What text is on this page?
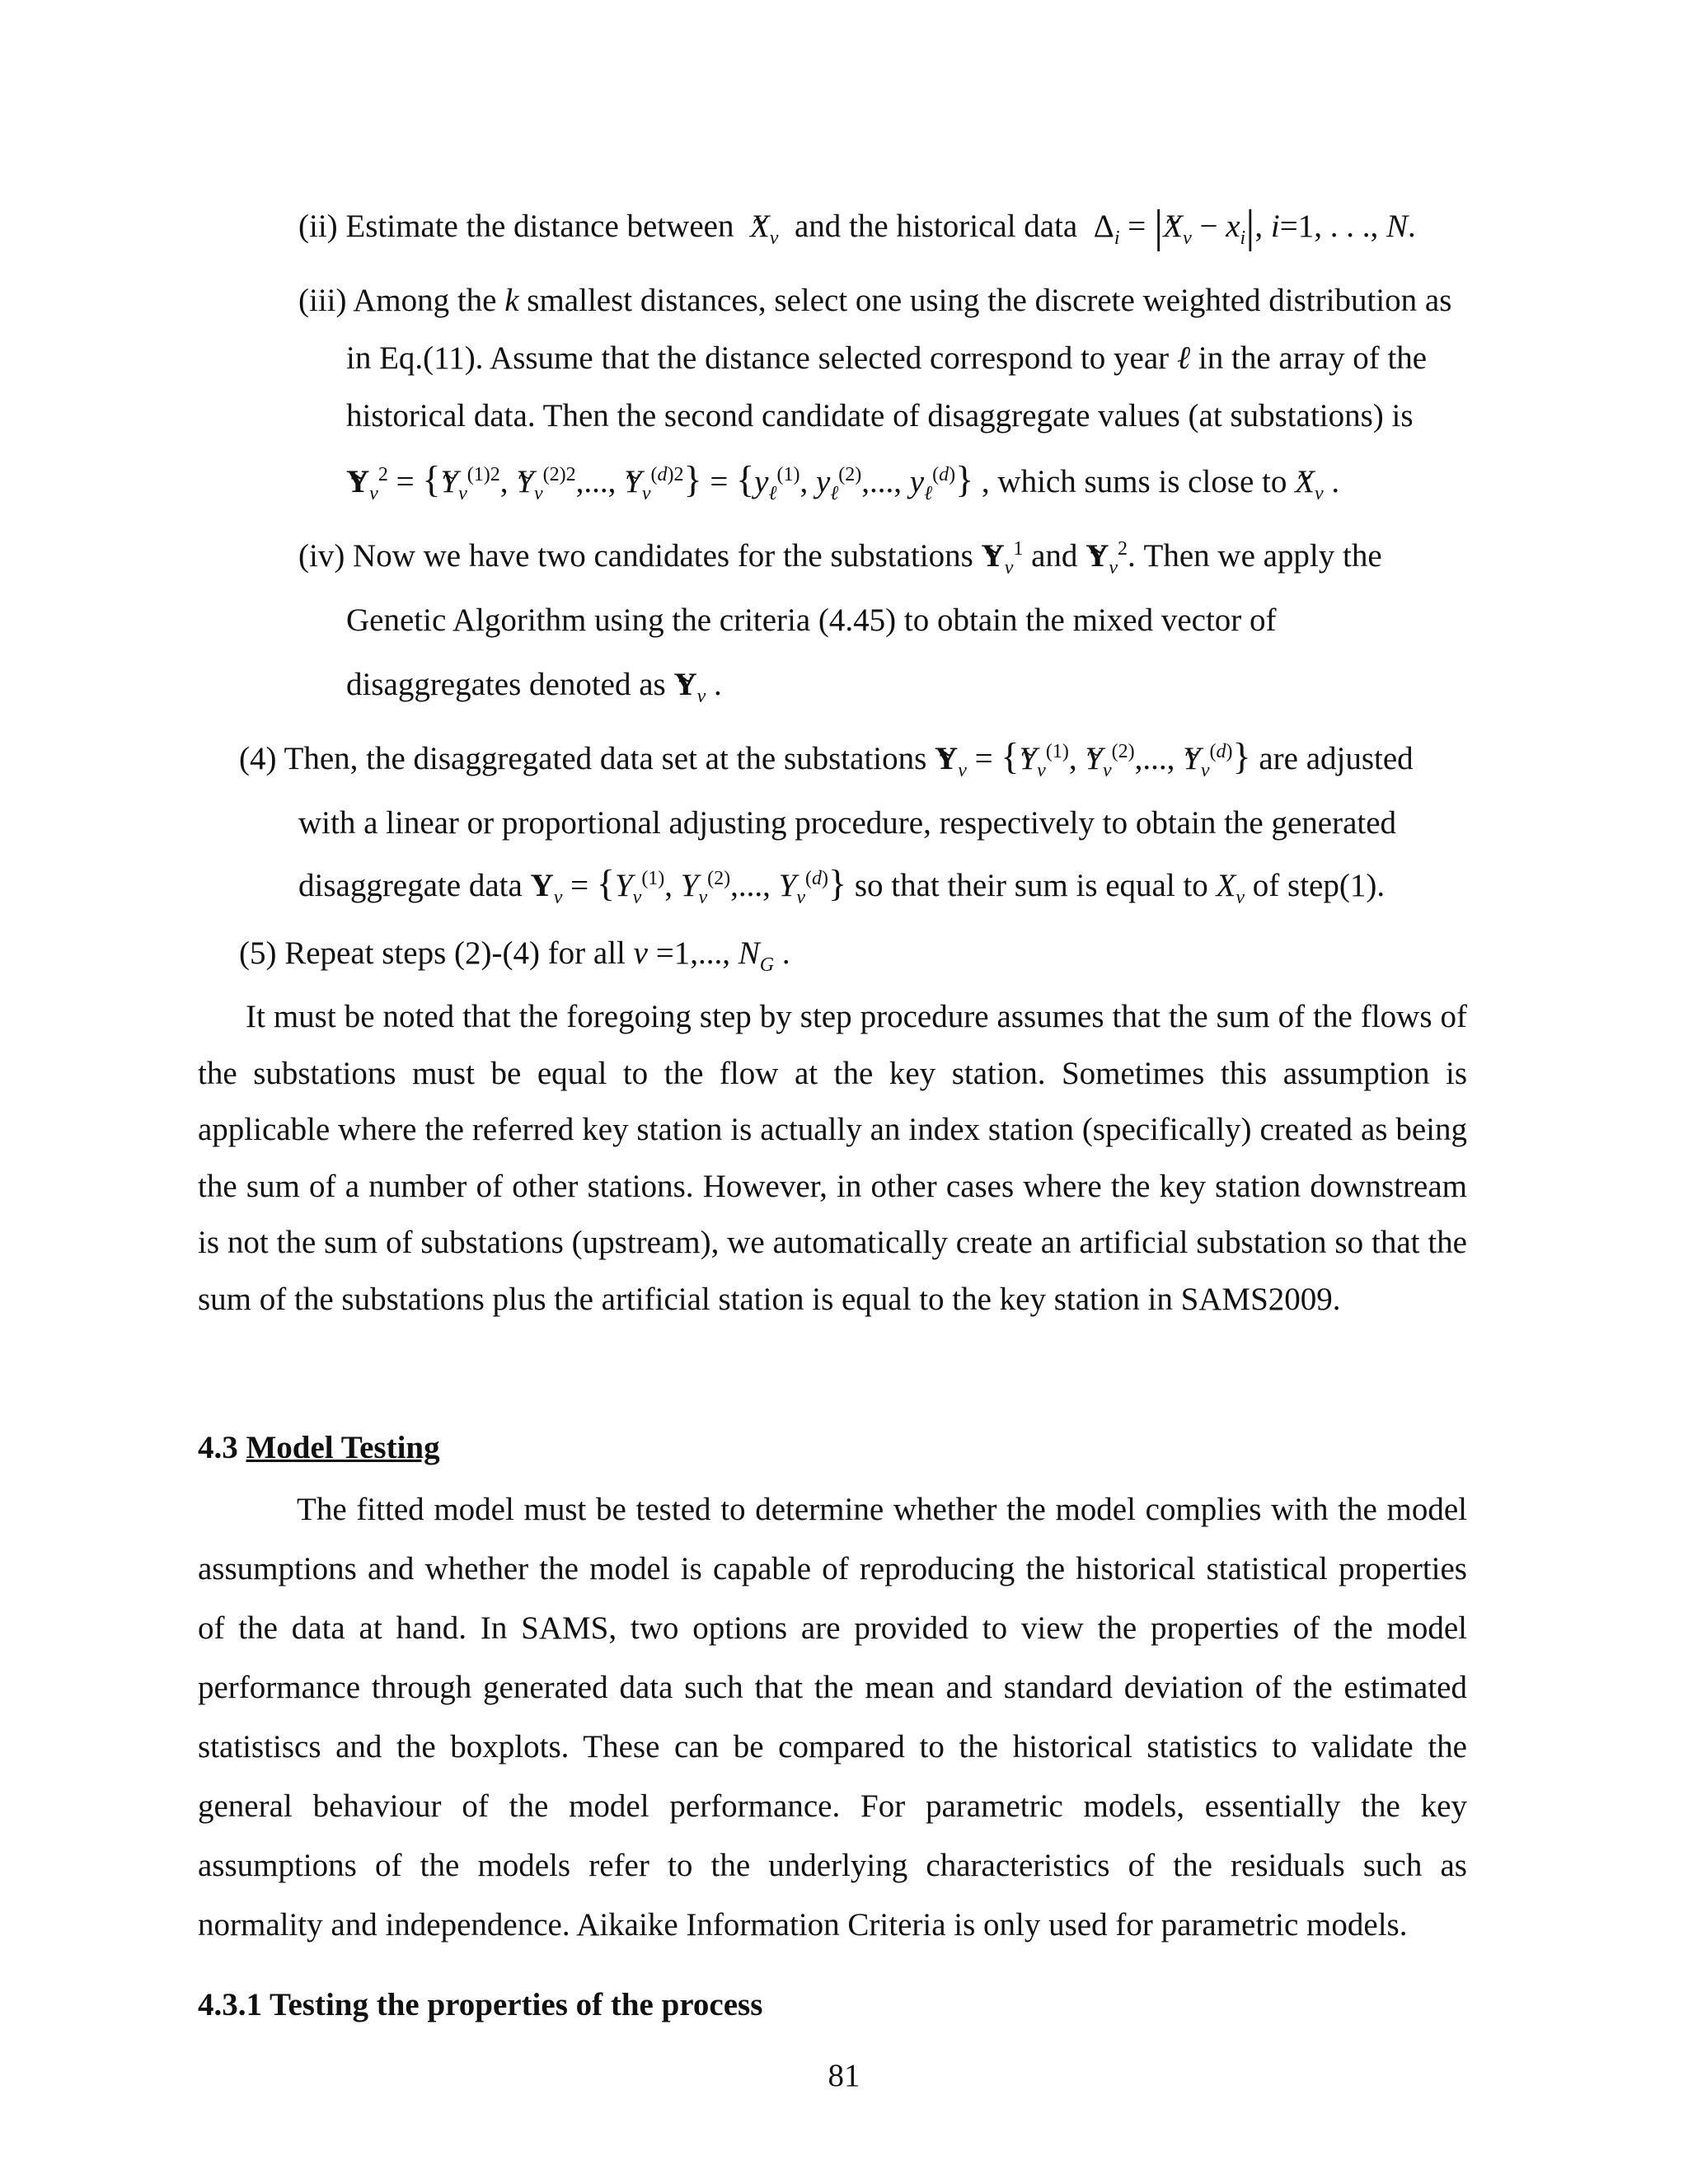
(ii) Estimate the distance between ~ $X_\nu$ and the historical data  $\Delta_i$ = |~ $X_\nu - x_i|$, i=1, . . ., N.
(iii) Among the k smallest distances, select one using the discrete weighted distribution as
in Eq.(11). Assume that the distance selected correspond to year ℓ in the array of the
historical data. Then the second candidate of disaggregate values (at substations) is
~ $Y_\nu^2$ = {~ $Y_\nu^{(1)2}$, ~ $Y_\nu^{(2)2}$,..., ~ $Y_\nu^{(d)2}\} = \{y_\ell^{(1)}$, $y_\ell^{(2)}$,..., $y_\ell^{(d)}$} , which sums is close to ~ $X_\nu$ .
(iv) Now we have two candidates for the substations ~ $Y_\nu^1$ and ~ $Y_\nu^2$. Then we apply the
Genetic Algorithm using the criteria (4.45) to obtain the mixed vector of
disaggregates denoted as ~ $Y_\nu$ .
(4) Then, the disaggregated data set at the substations ~ $Y_\nu$ = {~ $Y_\nu^{(1)}$, ~ $Y_\nu^{(2)}$,..., ~ $Y_\nu^{(d)}$} are adjusted
with a linear or proportional adjusting procedure, respectively to obtain the generated
disaggregate data $Y_\nu = \{Y_\nu^{(1)}$, $Y_\nu^{(2)}$,..., $Y_\nu^{(d)}$} so that their sum is equal to $X_\nu$ of step(1).
(5) Repeat steps (2)-(4) for all ν =1,..., $N_G$ .
It must be noted that the foregoing step by step procedure assumes that the sum of the flows of the substations must be equal to the flow at the key station. Sometimes this assumption is applicable where the referred key station is actually an index station (specifically) created as being the sum of a number of other stations. However, in other cases where the key station downstream is not the sum of substations (upstream), we automatically create an artificial substation so that the sum of the substations plus the artificial station is equal to the key station in SAMS2009.
4.3 Model Testing
The fitted model must be tested to determine whether the model complies with the model assumptions and whether the model is capable of reproducing the historical statistical properties of the data at hand. In SAMS, two options are provided to view the properties of the model performance through generated data such that the mean and standard deviation of the estimated statistiscs and the boxplots. These can be compared to the historical statistics to validate the general behaviour of the model performance. For parametric models, essentially the key assumptions of the models refer to the underlying characteristics of the residuals such as normality and independence. Aikaike Information Criteria is only used for parametric models.
4.3.1 Testing the properties of the process
81
